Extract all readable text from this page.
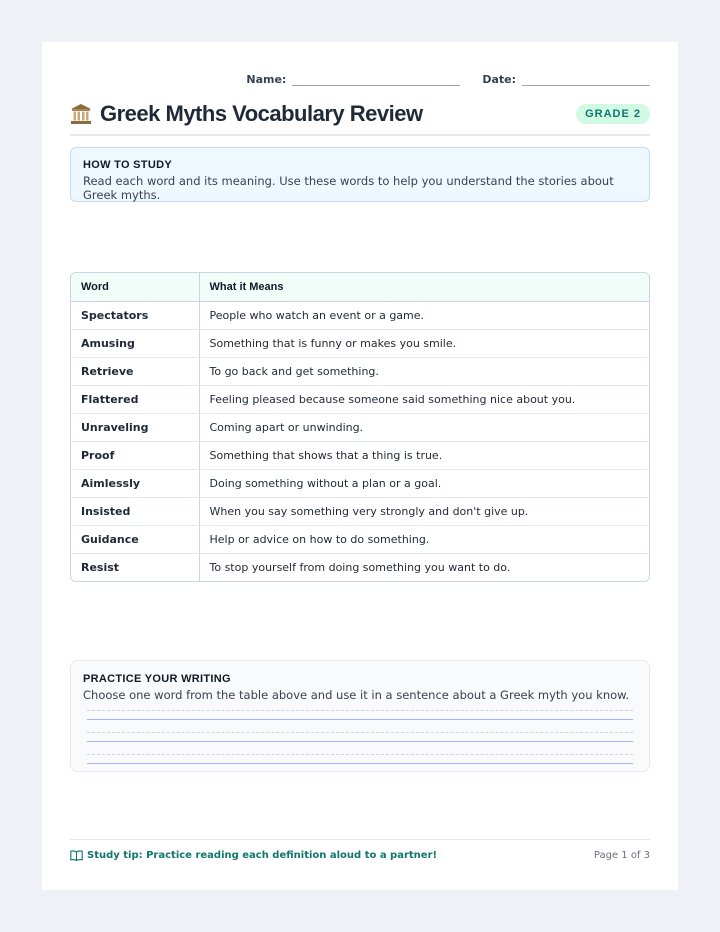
Name:	Date:
Greek Myths Vocabulary Review	GRADE 2
HOW TO STUDY
Read each word and its meaning. Use these words to help you understand the stories about Greek myths.
Word	What it Means
Spectators	People who watch an event or a game.
Amusing	Something that is funny or makes you smile.
Retrieve	To go back and get something.
Flattered	Feeling pleased because someone said something nice about you.
Unraveling	Coming apart or unwinding.
Proof	Something that shows that a thing is true.
Aimlessly	Doing something without a plan or a goal.
Insisted	When you say something very strongly and don't give up.
Guidance	Help or advice on how to do something.
Resist	To stop yourself from doing something you want to do.
PRACTICE YOUR WRITING
Choose one word from the table above and use it in a sentence about a Greek myth you know.
Study tip: Practice reading each definition aloud to a partner!	Page 1 of 3
